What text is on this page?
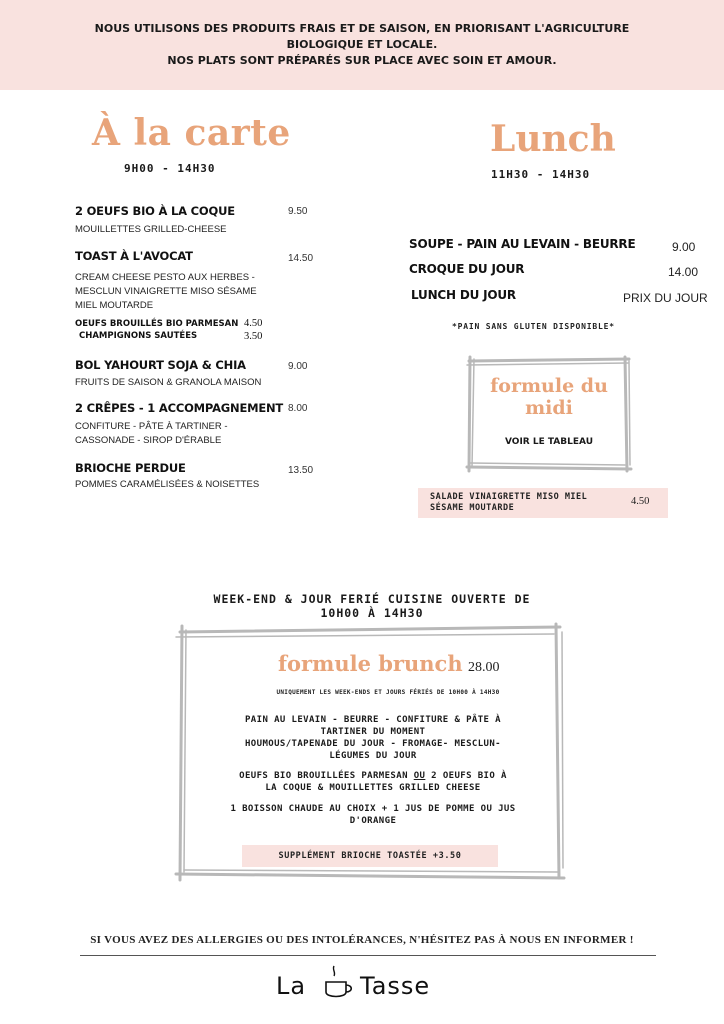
NOUS UTILISONS DES PRODUITS FRAIS ET DE SAISON, EN PRIORISANT L'AGRICULTURE
BIOLOGIQUE ET LOCALE.
NOS PLATS SONT PRÉPARÉS SUR PLACE AVEC SOIN ET AMOUR.
À la carte
9H00 - 14H30
2 OEUFS BIO À LA COQUE	9.50
MOUILLETTES GRILLED-CHEESE
TOAST À L'AVOCAT	14.50
CREAM CHEESE PESTO AUX HERBES -
MESCLUN VINAIGRETTE MISO SÉSAME
MIEL MOUTARDE
OEUFS BROUILLÉS BIO PARMESAN 4.50
CHAMPIGNONS SAUTÉES	3.50
BOL YAHOURT SOJA & CHIA	9.00
FRUITS DE SAISON & GRANOLA MAISON
2 CRÊPES - 1 ACCOMPAGNEMENT 8.00
CONFITURE - PÂTE À TARTINER -
CASSONADE - SIROP D'ÉRABLE
BRIOCHE PERDUE	13.50
POMMES CARAMÉLISÉES & NOISETTES
Lunch
11H30 - 14H30
SOUPE - PAIN AU LEVAIN - BEURRE	9.00
CROQUE DU JOUR	14.00
LUNCH DU JOUR	PRIX DU JOUR
*PAIN SANS GLUTEN DISPONIBLE*
formule du
midi
VOIR LE TABLEAU
SALADE VINAIGRETTE MISO MIEL
SÉSAME MOUTARDE
4.50
WEEK-END & JOUR FERIÉ CUISINE OUVERTE DE
10H00 À 14H30
formule brunch 28.00
UNIQUEMENT LES WEEK-ENDS ET JOURS FÉRIÉS DE 10H00 À 14H30
PAIN AU LEVAIN - BEURRE - CONFITURE & PÂTE À
TARTINER DU MOMENT
HOUMOUS/TAPENADE DU JOUR - FROMAGE- MESCLUN-
LÉGUMES DU JOUR
OEUFS BIO BROUILLÉES PARMESAN OU 2 OEUFS BIO À
LA COQUE & MOUILLETTES GRILLED CHEESE
1 BOISSON CHAUDE AU CHOIX + 1 JUS DE POMME OU JUS
D'ORANGE
SUPPLÉMENT BRIOCHE TOASTÉE +3.50
SI VOUS AVEZ DES ALLERGIES OU DES INTOLÉRANCES, N'HÉSITEZ PAS À NOUS EN INFORMER !
La Tasse
